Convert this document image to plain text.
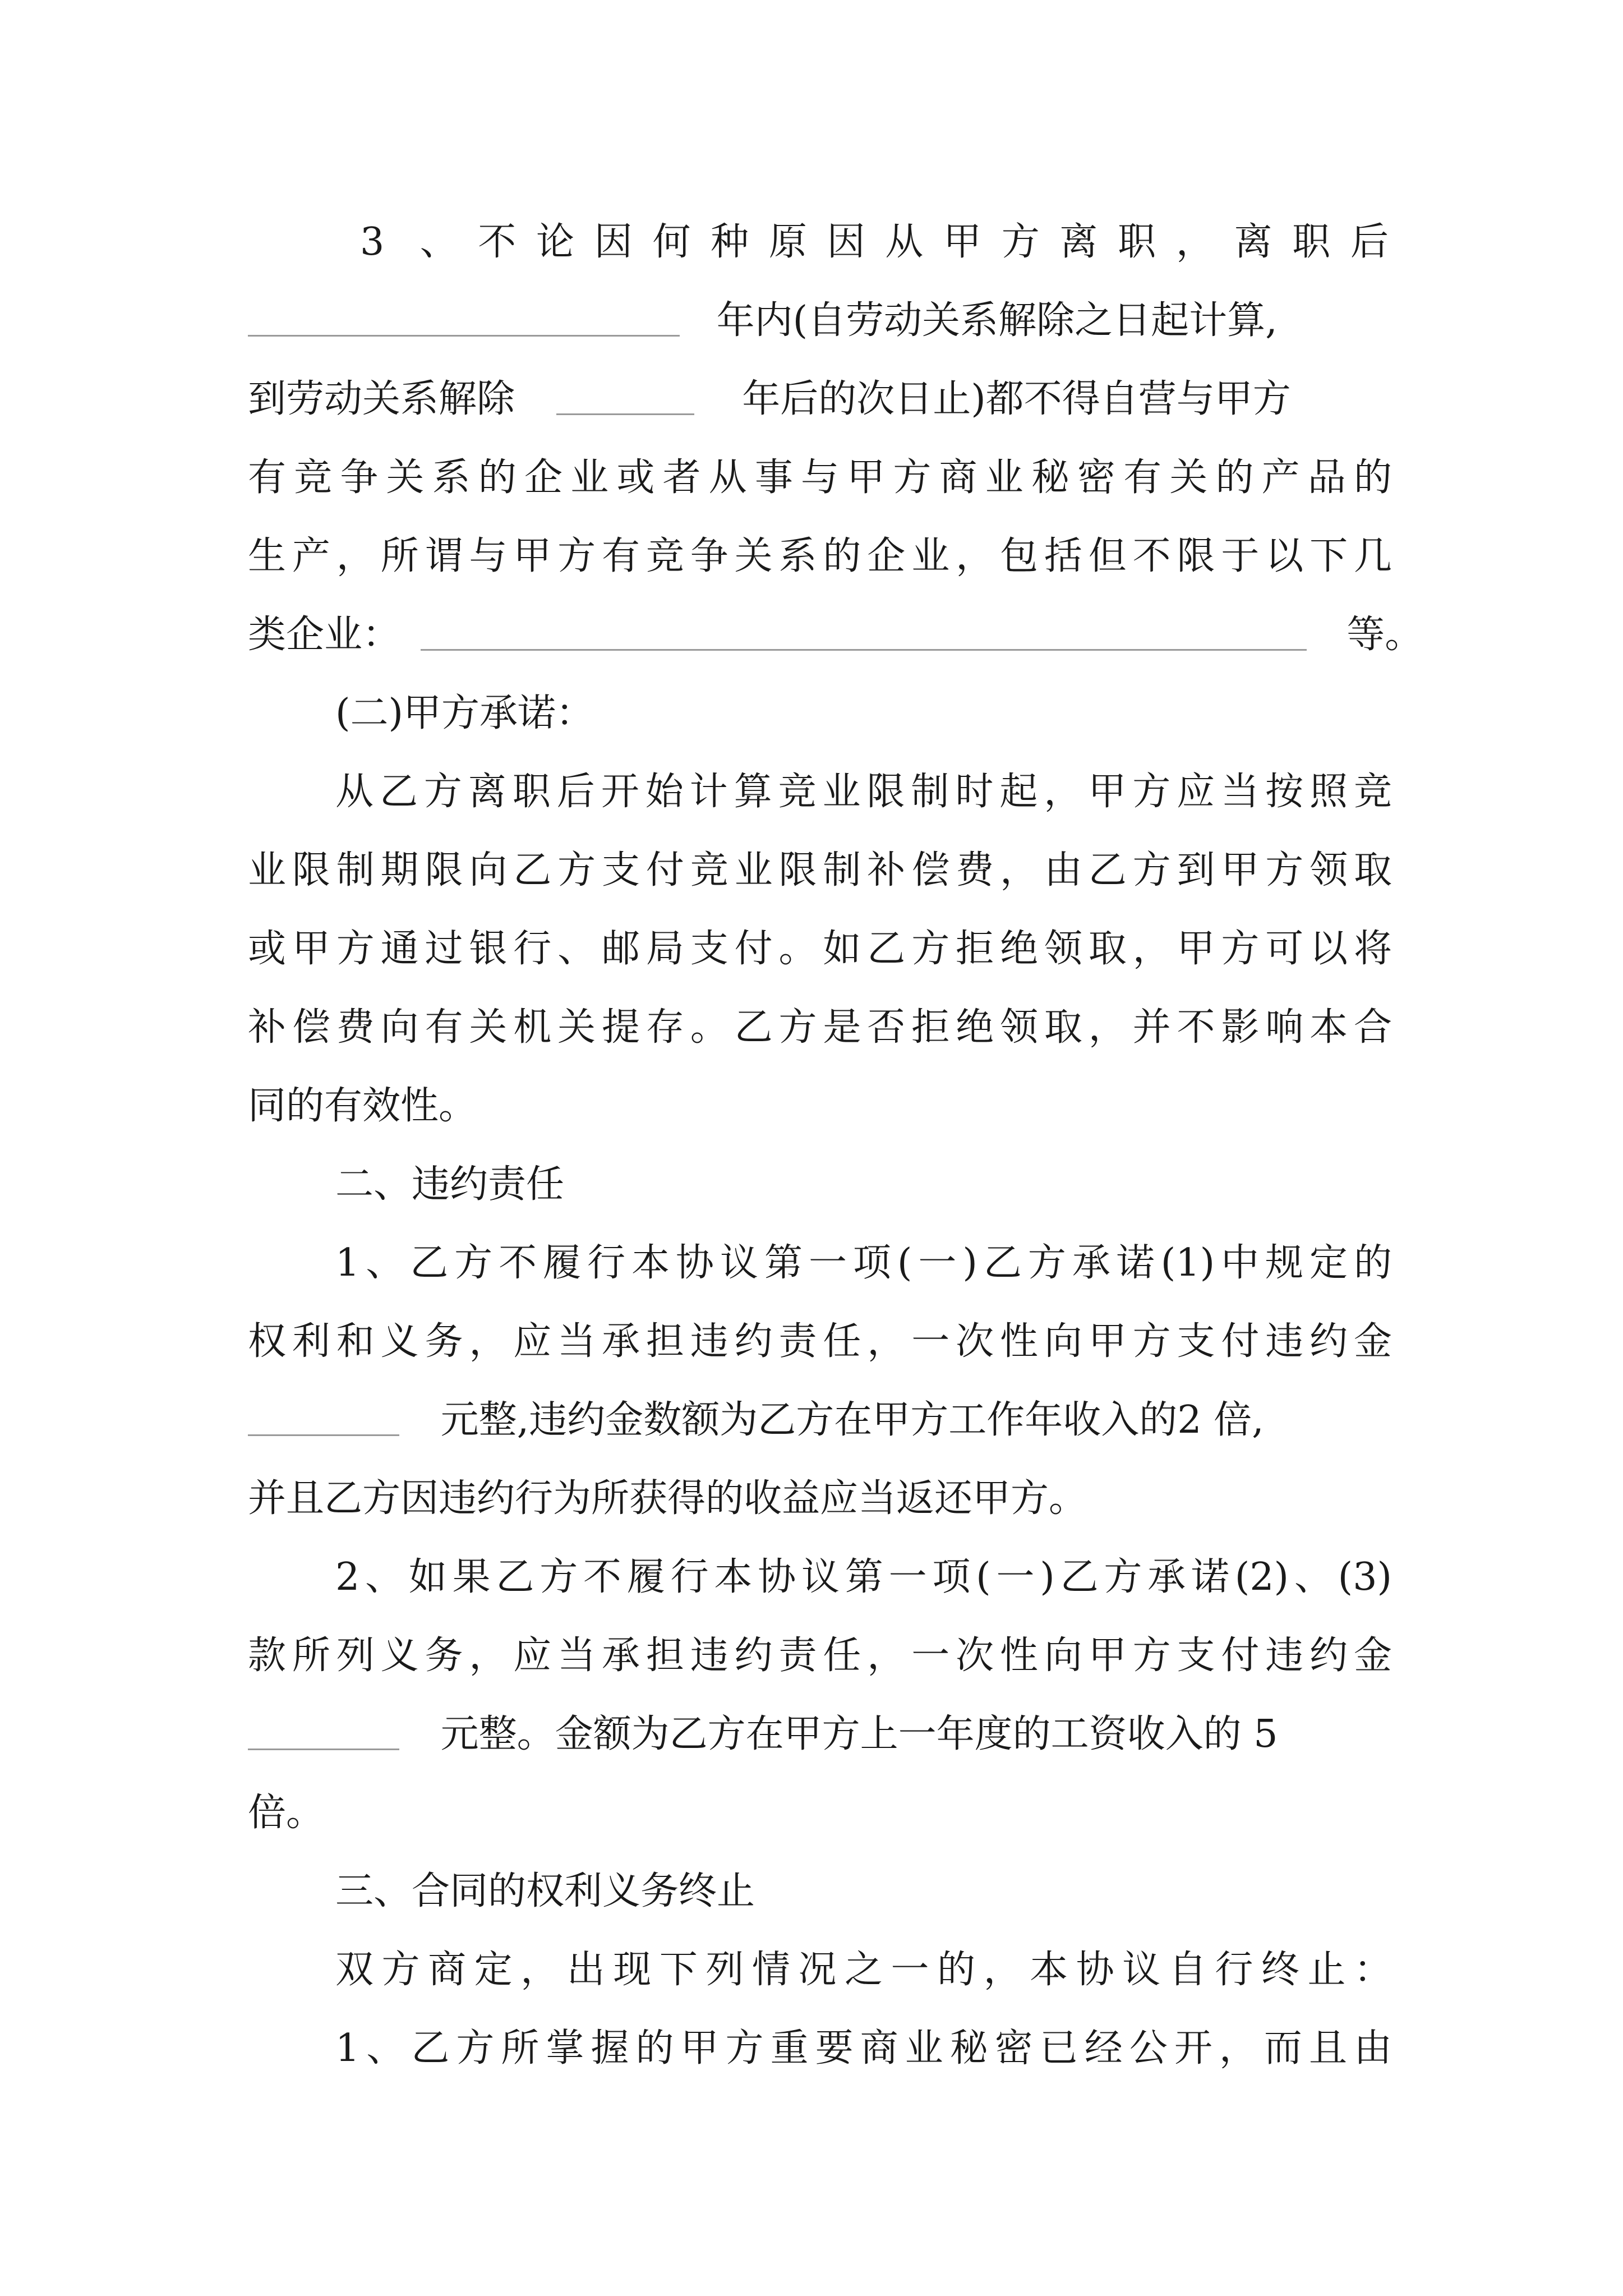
3 、不论因何种原因从甲方离职，离职后
年内(自劳动关系解除之日起计算,
到劳动关系解除	年后的次日止)都不得自营与甲方
有竞争关系的企业或者从事与甲方商业秘密有关的产品的
生产，所谓与甲方有竞争关系的企业，包括但不限于以下几
类企业：	等。
(二)甲方承诺：
从乙方离职后开始计算竞业限制时起，甲方应当按照竞
业限制期限向乙方支付竞业限制补偿费，由乙方到甲方领取
或甲方通过银行、邮局支付。如乙方拒绝领取，甲方可以将
补偿费向有关机关提存。乙方是否拒绝领取，并不影响本合
同的有效性。
二、违约责任
1、乙方不履行本协议第一项(一)乙方承诺(1)中规定的
权利和义务，应当承担违约责任，一次性向甲方支付违约金
元整,违约金数额为乙方在甲方工作年收入的2 倍,
并且乙方因违约行为所获得的收益应当返还甲方。
2、如果乙方不履行本协议第一项(一)乙方承诺(2)、(3)
款所列义务，应当承担违约责任，一次性向甲方支付违约金
元整。金额为乙方在甲方上一年度的工资收入的 5
倍。
三、合同的权利义务终止
双方商定，出现下列情况之一的，本协议自行终止：
1、乙方所掌握的甲方重要商业秘密已经公开，而且由
